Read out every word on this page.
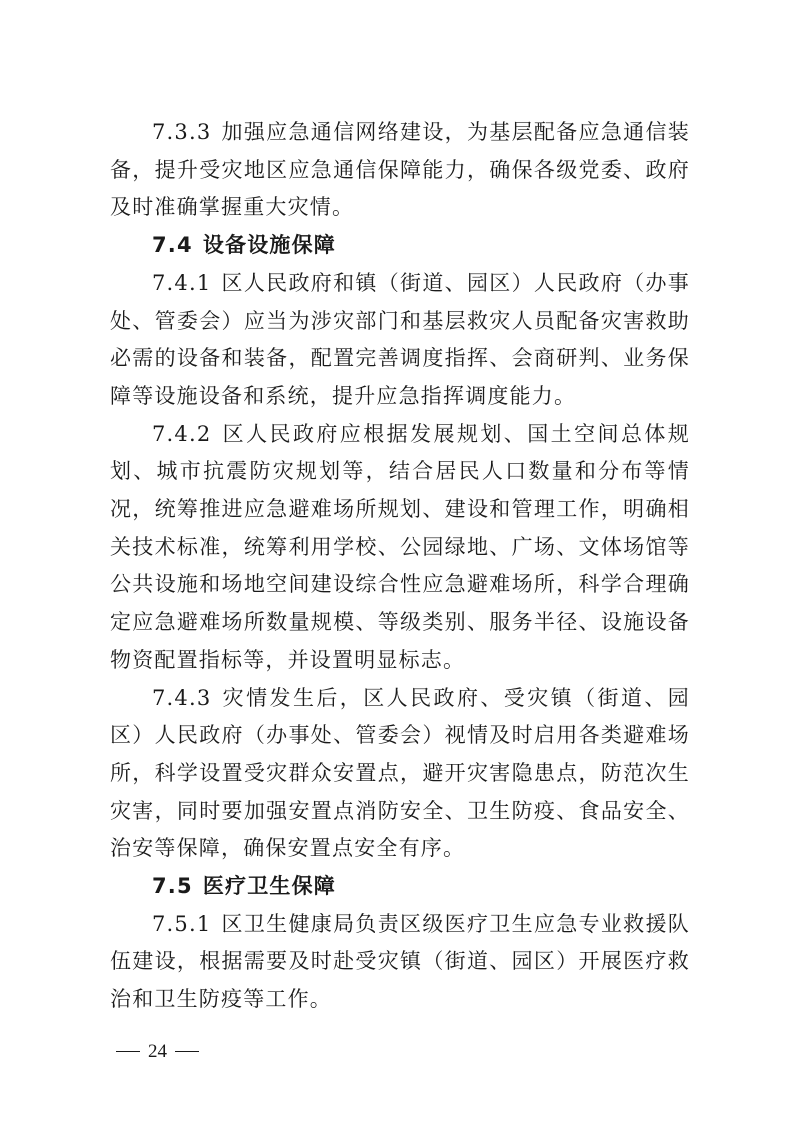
7.3.3 加强应急通信网络建设，为基层配备应急通信装备，提升受灾地区应急通信保障能力，确保各级党委、政府及时准确掌握重大灾情。

7.4 设备设施保障

7.4.1 区人民政府和镇（街道、园区）人民政府（办事处、管委会）应当为涉灾部门和基层救灾人员配备灾害救助必需的设备和装备，配置完善调度指挥、会商研判、业务保障等设施设备和系统，提升应急指挥调度能力。

7.4.2 区人民政府应根据发展规划、国土空间总体规划、城市抗震防灾规划等，结合居民人口数量和分布等情况，统筹推进应急避难场所规划、建设和管理工作，明确相关技术标准，统筹利用学校、公园绿地、广场、文体场馆等公共设施和场地空间建设综合性应急避难场所，科学合理确定应急避难场所数量规模、等级类别、服务半径、设施设备物资配置指标等，并设置明显标志。

7.4.3 灾情发生后，区人民政府、受灾镇（街道、园区）人民政府（办事处、管委会）视情及时启用各类避难场所，科学设置受灾群众安置点，避开灾害隐患点，防范次生灾害，同时要加强安置点消防安全、卫生防疫、食品安全、治安等保障，确保安置点安全有序。

7.5 医疗卫生保障

7.5.1 区卫生健康局负责区级医疗卫生应急专业救援队伍建设，根据需要及时赴受灾镇（街道、园区）开展医疗救治和卫生防疫等工作。

24
